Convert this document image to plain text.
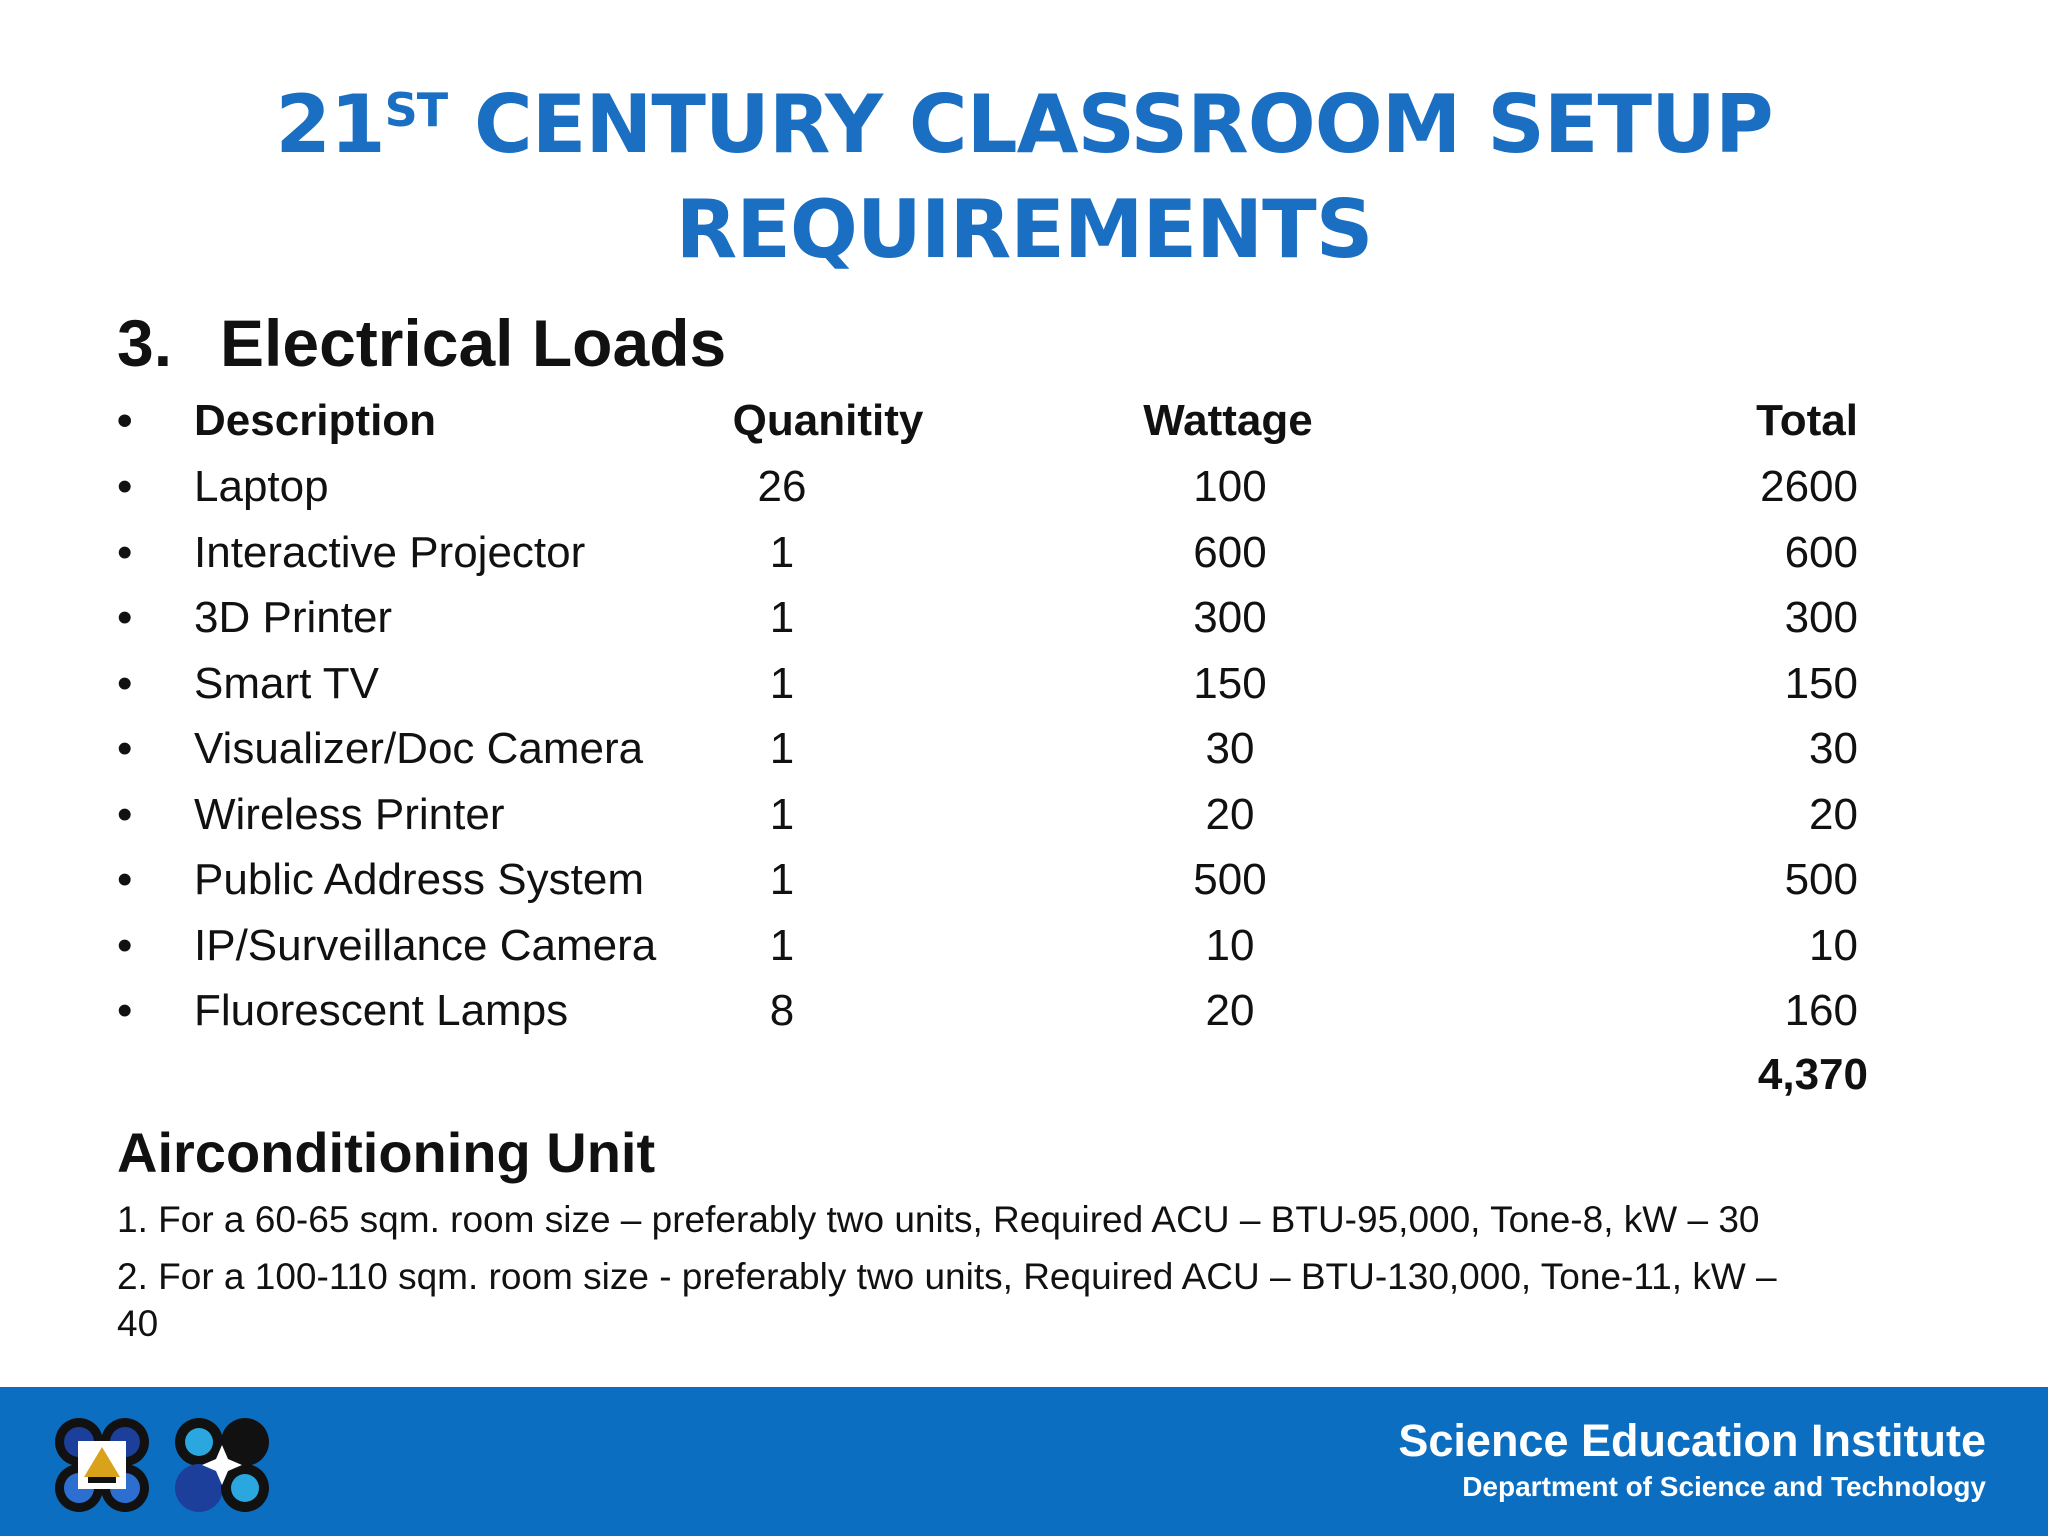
21ST CENTURY CLASSROOM SETUP
REQUIREMENTS
3. Electrical Loads
• Description	Quanitity	Wattage	Total
• Laptop	26	100	2600
• Interactive Projector	1	600	600
• 3D Printer	1	300	300
• Smart TV	1	150	150
• Visualizer/Doc Camera	1	30	30
• Wireless Printer	1	20	20
• Public Address System	1	500	500
• IP/Surveillance Camera	1	10	10
• Fluorescent Lamps	8	20	160
4,370
Airconditioning Unit
1. For a 60-65 sqm. room size – preferably two units, Required ACU – BTU-95,000, Tone-8, kW – 30
2. For a 100-110 sqm. room size - preferably two units, Required ACU – BTU-130,000, Tone-11, kW –
40
Science Education Institute
Department of Science and Technology
